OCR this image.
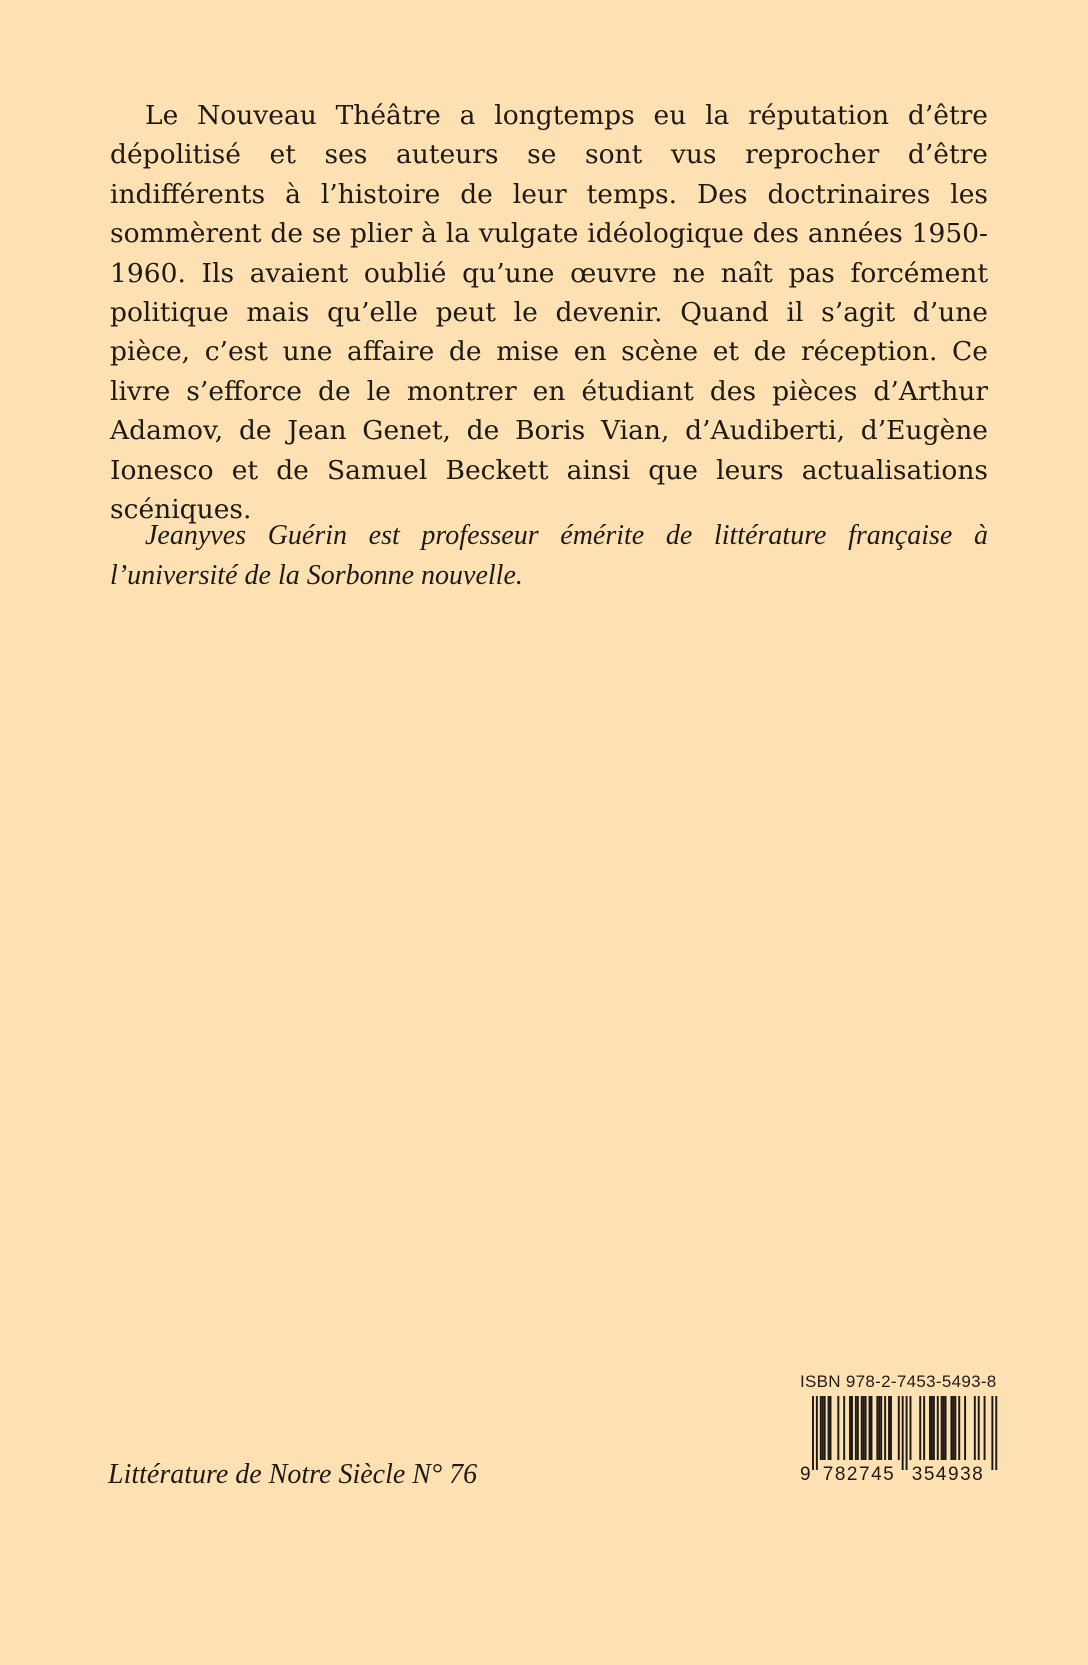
Le Nouveau Théâtre a longtemps eu la réputation d’être dépolitisé et ses auteurs se sont vus reprocher d’être indifférents à l’histoire de leur temps. Des doctrinaires les sommèrent de se plier à la vulgate idéologique des années 1950-1960. Ils avaient oublié qu’une œuvre ne naît pas forcément politique mais qu’elle peut le devenir. Quand il s’agit d’une pièce, c’est une affaire de mise en scène et de réception. Ce livre s’efforce de le montrer en étudiant des pièces d’Arthur Adamov, de Jean Genet, de Boris Vian, d’Audiberti, d’Eugène Ionesco et de Samuel Beckett ainsi que leurs actualisations scéniques.

Jeanyves Guérin est professeur émérite de littérature française à l’université de la Sorbonne nouvelle.

Littérature de Notre Siècle N° 76

ISBN 978-2-7453-5493-8
9 782745 354938
